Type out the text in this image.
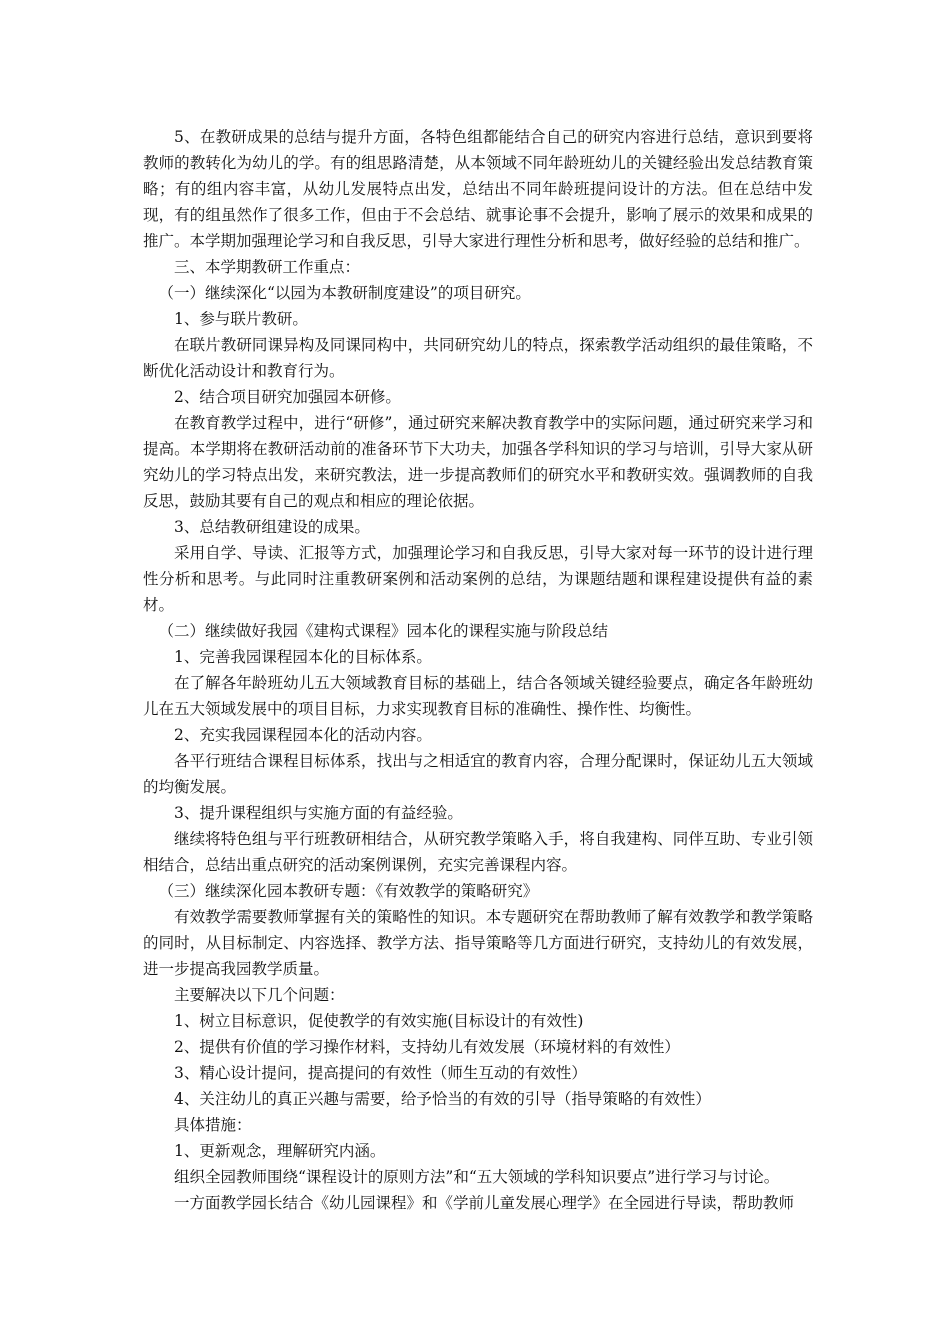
5、在教研成果的总结与提升方面，各特色组都能结合自己的研究内容进行总结，意识到要将教师的教转化为幼儿的学。有的组思路清楚，从本领域不同年龄班幼儿的关键经验出发总结教育策略；有的组内容丰富，从幼儿发展特点出发，总结出不同年龄班提问设计的方法。但在总结中发现，有的组虽然作了很多工作，但由于不会总结、就事论事不会提升，影响了展示的效果和成果的推广。本学期加强理论学习和自我反思，引导大家进行理性分析和思考，做好经验的总结和推广。

三、本学期教研工作重点：

（一）继续深化“以园为本教研制度建设”的项目研究。

1、参与联片教研。

在联片教研同课异构及同课同构中，共同研究幼儿的特点，探索教学活动组织的最佳策略，不断优化活动设计和教育行为。

2、结合项目研究加强园本研修。

在教育教学过程中，进行“研修”，通过研究来解决教育教学中的实际问题，通过研究来学习和提高。本学期将在教研活动前的准备环节下大功夫，加强各学科知识的学习与培训，引导大家从研究幼儿的学习特点出发，来研究教法，进一步提高教师们的研究水平和教研实效。强调教师的自我反思，鼓励其要有自己的观点和相应的理论依据。

3、总结教研组建设的成果。

采用自学、导读、汇报等方式，加强理论学习和自我反思，引导大家对每一环节的设计进行理性分析和思考。与此同时注重教研案例和活动案例的总结，为课题结题和课程建设提供有益的素材。

（二）继续做好我园《建构式课程》园本化的课程实施与阶段总结

1、完善我园课程园本化的目标体系。

在了解各年龄班幼儿五大领域教育目标的基础上，结合各领域关键经验要点，确定各年龄班幼儿在五大领域发展中的项目目标，力求实现教育目标的准确性、操作性、均衡性。

2、充实我园课程园本化的活动内容。

各平行班结合课程目标体系，找出与之相适宜的教育内容，合理分配课时，保证幼儿五大领域的均衡发展。

3、提升课程组织与实施方面的有益经验。

继续将特色组与平行班教研相结合，从研究教学策略入手，将自我建构、同伴互助、专业引领相结合，总结出重点研究的活动案例课例，充实完善课程内容。

（三）继续深化园本教研专题：《有效教学的策略研究》

有效教学需要教师掌握有关的策略性的知识。本专题研究在帮助教师了解有效教学和教学策略的同时，从目标制定、内容选择、教学方法、指导策略等几方面进行研究，支持幼儿的有效发展，进一步提高我园教学质量。

主要解决以下几个问题：

1、树立目标意识，促使教学的有效实施(目标设计的有效性)

2、提供有价值的学习操作材料，支持幼儿有效发展（环境材料的有效性）

3、精心设计提问，提高提问的有效性（师生互动的有效性）

4、关注幼儿的真正兴趣与需要，给予恰当的有效的引导（指导策略的有效性）

具体措施：

1、更新观念，理解研究内涵。

组织全园教师围绕“课程设计的原则方法”和“五大领域的学科知识要点”进行学习与讨论。

一方面教学园长结合《幼儿园课程》和《学前儿童发展心理学》在全园进行导读，帮助教师
